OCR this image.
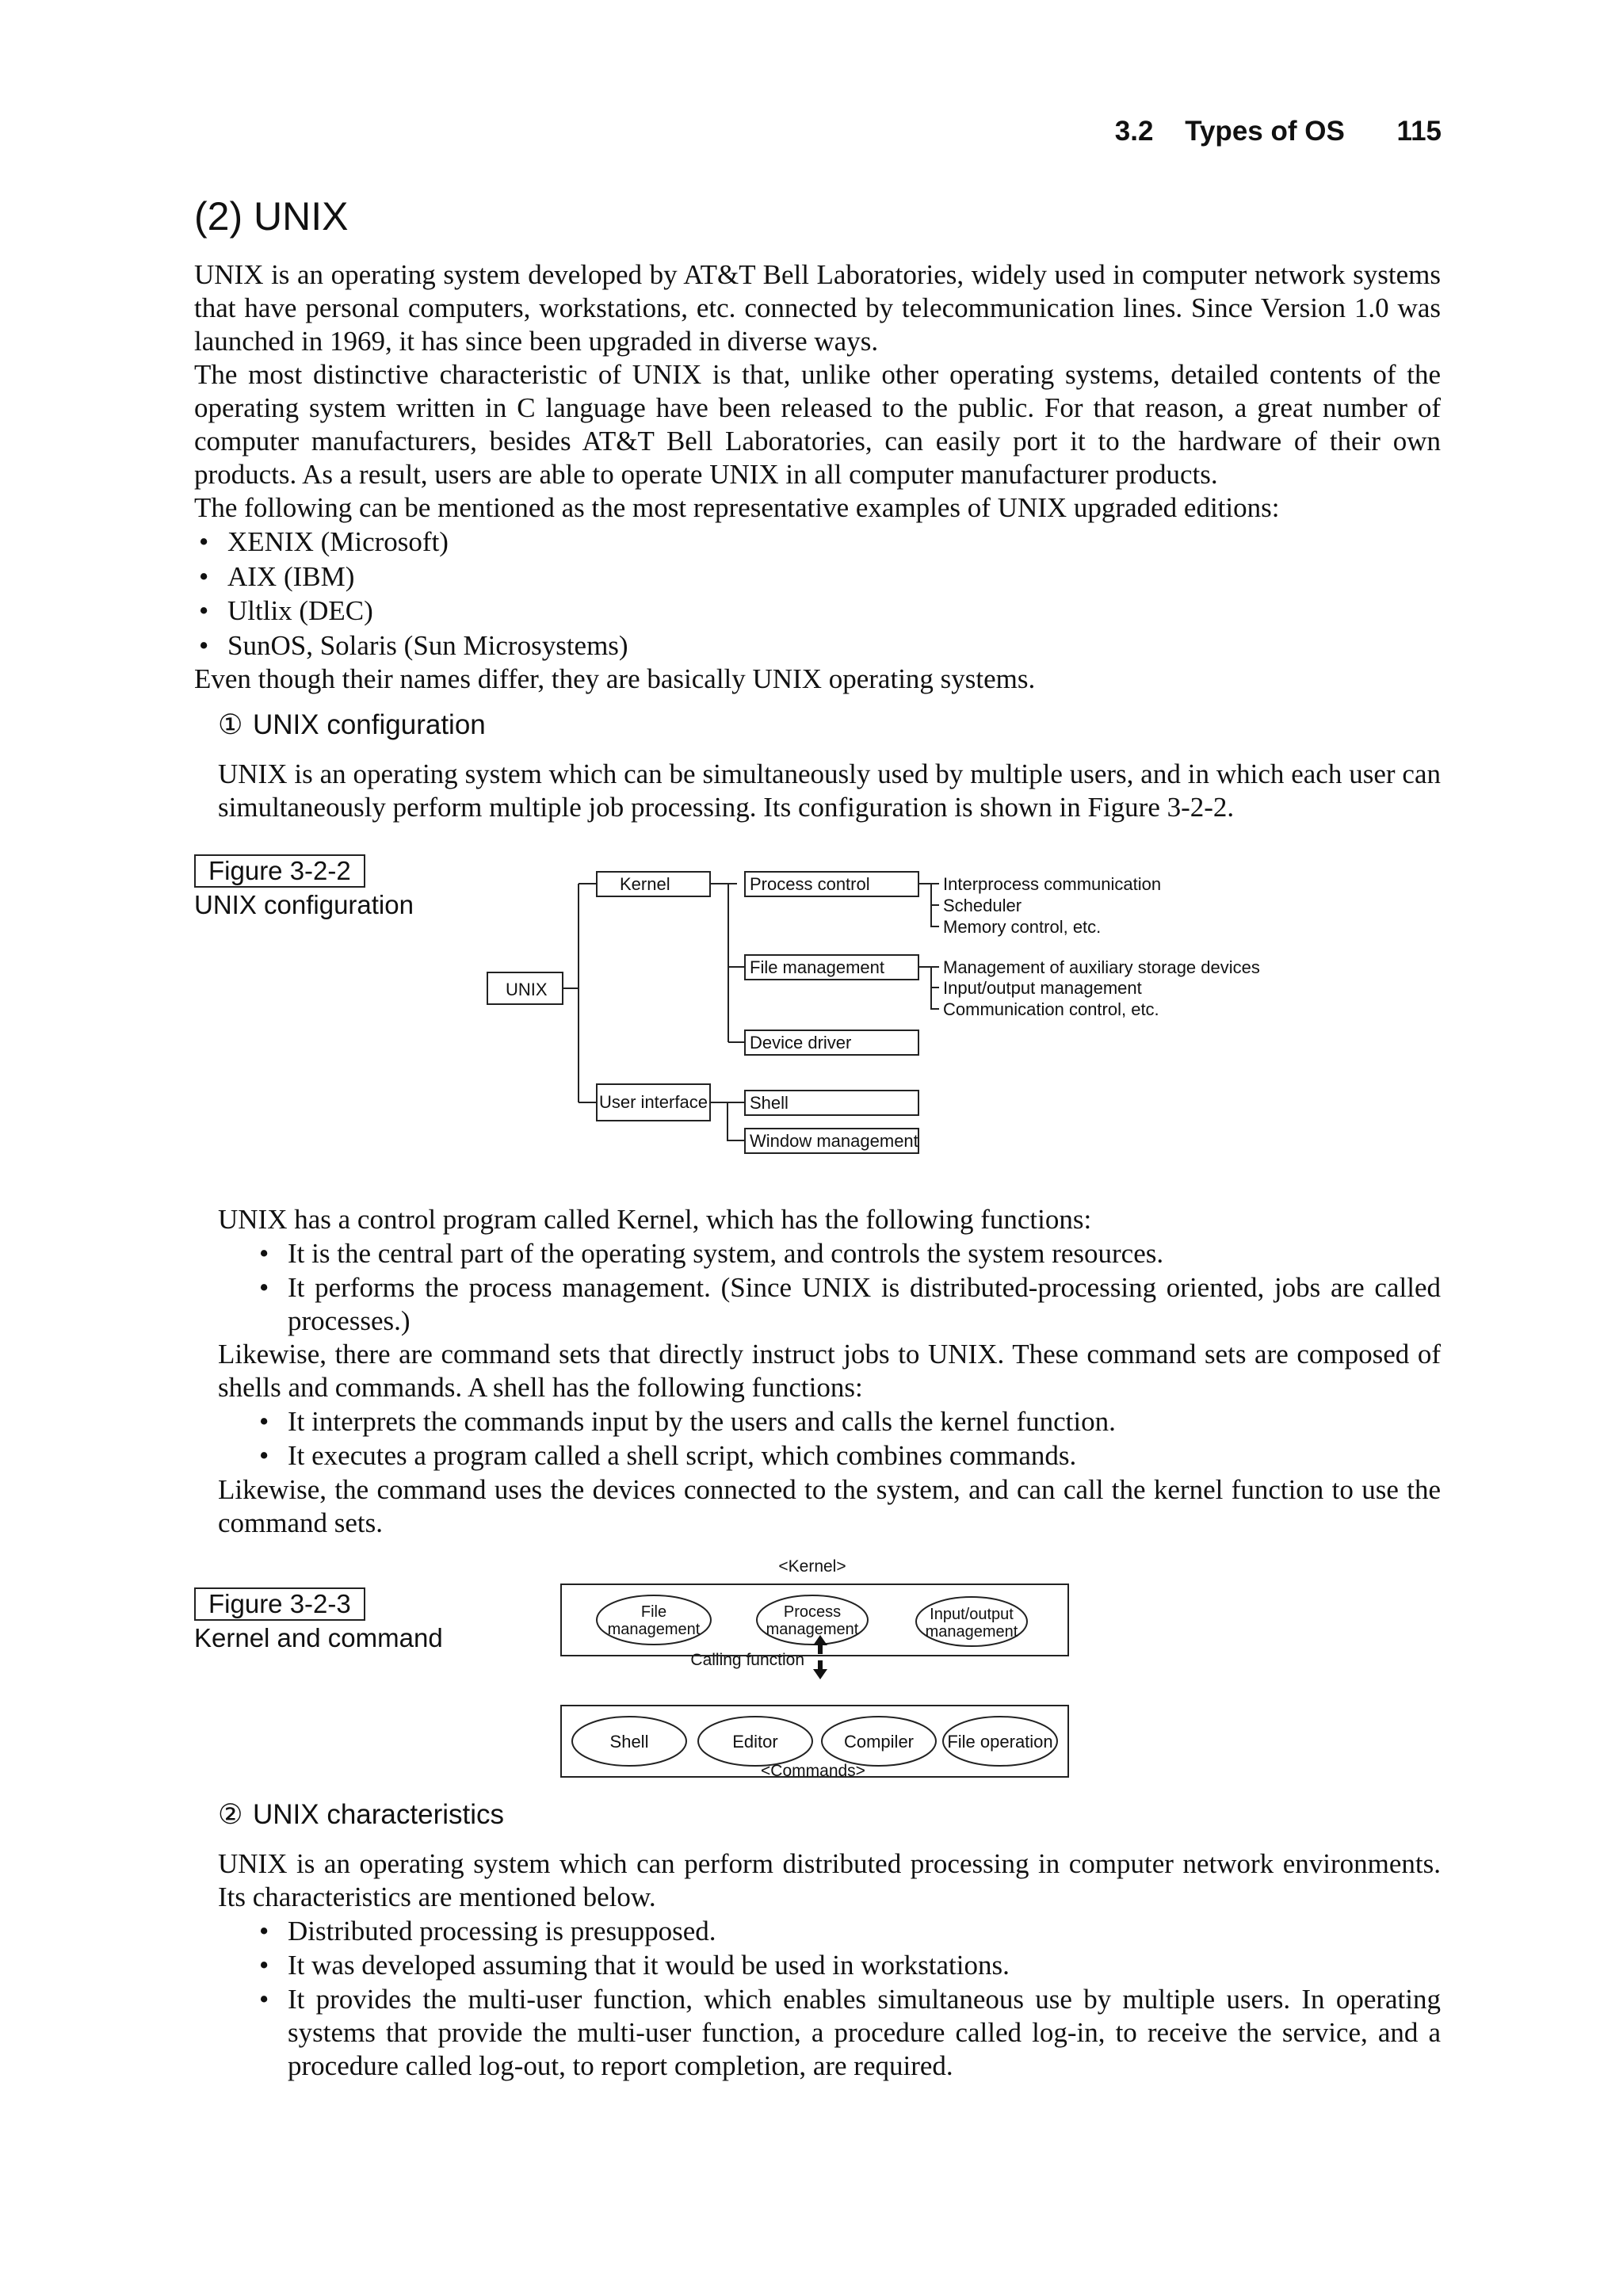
3.2 Types of OS 115
(2) UNIX

UNIX is an operating system developed by AT&T Bell Laboratories, widely used in computer network systems that have personal computers, workstations, etc. connected by telecommunication lines. Since Version 1.0 was launched in 1969, it has since been upgraded in diverse ways.

The most distinctive characteristic of UNIX is that, unlike other operating systems, detailed contents of the operating system written in C language have been released to the public. For that reason, a great number of computer manufacturers, besides AT&T Bell Laboratories, can easily port it to the hardware of their own products. As a result, users are able to operate UNIX in all computer manufacturer products.

The following can be mentioned as the most representative examples of UNIX upgraded editions:

• XENIX (Microsoft)
• AIX (IBM)
• Ultlix (DEC)
• SunOS, Solaris (Sun Microsystems)

Even though their names differ, they are basically UNIX operating systems.

① UNIX configuration

UNIX is an operating system which can be simultaneously used by multiple users, and in which each user can simultaneously perform multiple job processing. Its configuration is shown in Figure 3-2-2.

Figure 3-2-2
UNIX configuration
UNIX
Kernel
User interface
Process control
File management
Device driver
Shell
Window management
Interprocess communication
Scheduler
Memory control, etc.
Management of auxiliary storage devices
Input/output management
Communication control, etc.

UNIX has a control program called Kernel, which has the following functions:

• It is the central part of the operating system, and controls the system resources.
• It performs the process management. (Since UNIX is distributed-processing oriented, jobs are called processes.)

Likewise, there are command sets that directly instruct jobs to UNIX. These command sets are composed of shells and commands. A shell has the following functions:

• It interprets the commands input by the users and calls the kernel function.
• It executes a program called a shell script, which combines commands.

Likewise, the command uses the devices connected to the system, and can call the kernel function to use the command sets.

Figure 3-2-3
Kernel and command
<Kernel>
<Commands>
Calling function
File
management
Process
management
Input/output
management
Shell	Editor	Compiler File operation
② UNIX characteristics

UNIX is an operating system which can perform distributed processing in computer network environments. Its characteristics are mentioned below.

• Distributed processing is presupposed.
• It was developed assuming that it would be used in workstations.
• It provides the multi-user function, which enables simultaneous use by multiple users. In operating systems that provide the multi-user function, a procedure called log-in, to receive the service, and a procedure called log-out, to report completion, are required.
